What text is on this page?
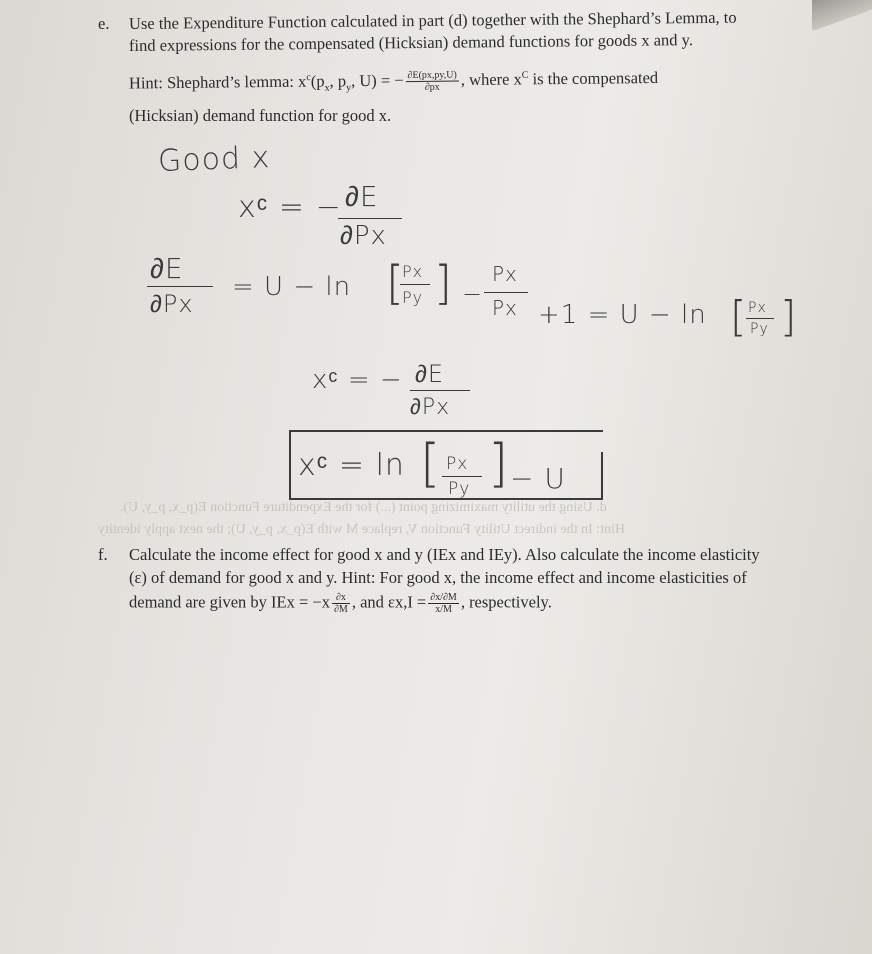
e. Use the Expenditure Function calculated in part (d) together with the Shephard’s Lemma, to
find expressions for the compensated (Hicksian) demand functions for goods x and y.
Hint: Shephard’s lemma: $x^c(p_x$, $p_y$, U) = − $\frac{\partial E(px,py,U)}{\partial px}$ , where $x^C$ is the compensated
(Hicksian) demand function for good x.
Good x
xᶜ = − ∂E
∂Px
∂E
∂Px
= U − ln [
Px
Py ] −
Px
Px +1 = U − ln [ Px
Py ]
xᶜ = − ∂E
∂Px
xᶜ = ln [ Px
Py ] − U
d. Using the utility maximizing point (...) for the Expenditure Function E(p_x, p_y, U).
Hint: In the indirect Utility Function V, replace M with E(p_x, p_y, U); the next apply identity
f. Calculate the income effect for good x and y (IEx and IEy). Also calculate the income elasticity
(ε) of demand for good x and y. Hint: For good x, the income effect and income elasticities of
demand are given by IEx = $-x \frac{\partial x}{\partial M}$ , and $\varepsilon x,I = \frac{\partial x/\partial M}{x/M}$ , respectively.
